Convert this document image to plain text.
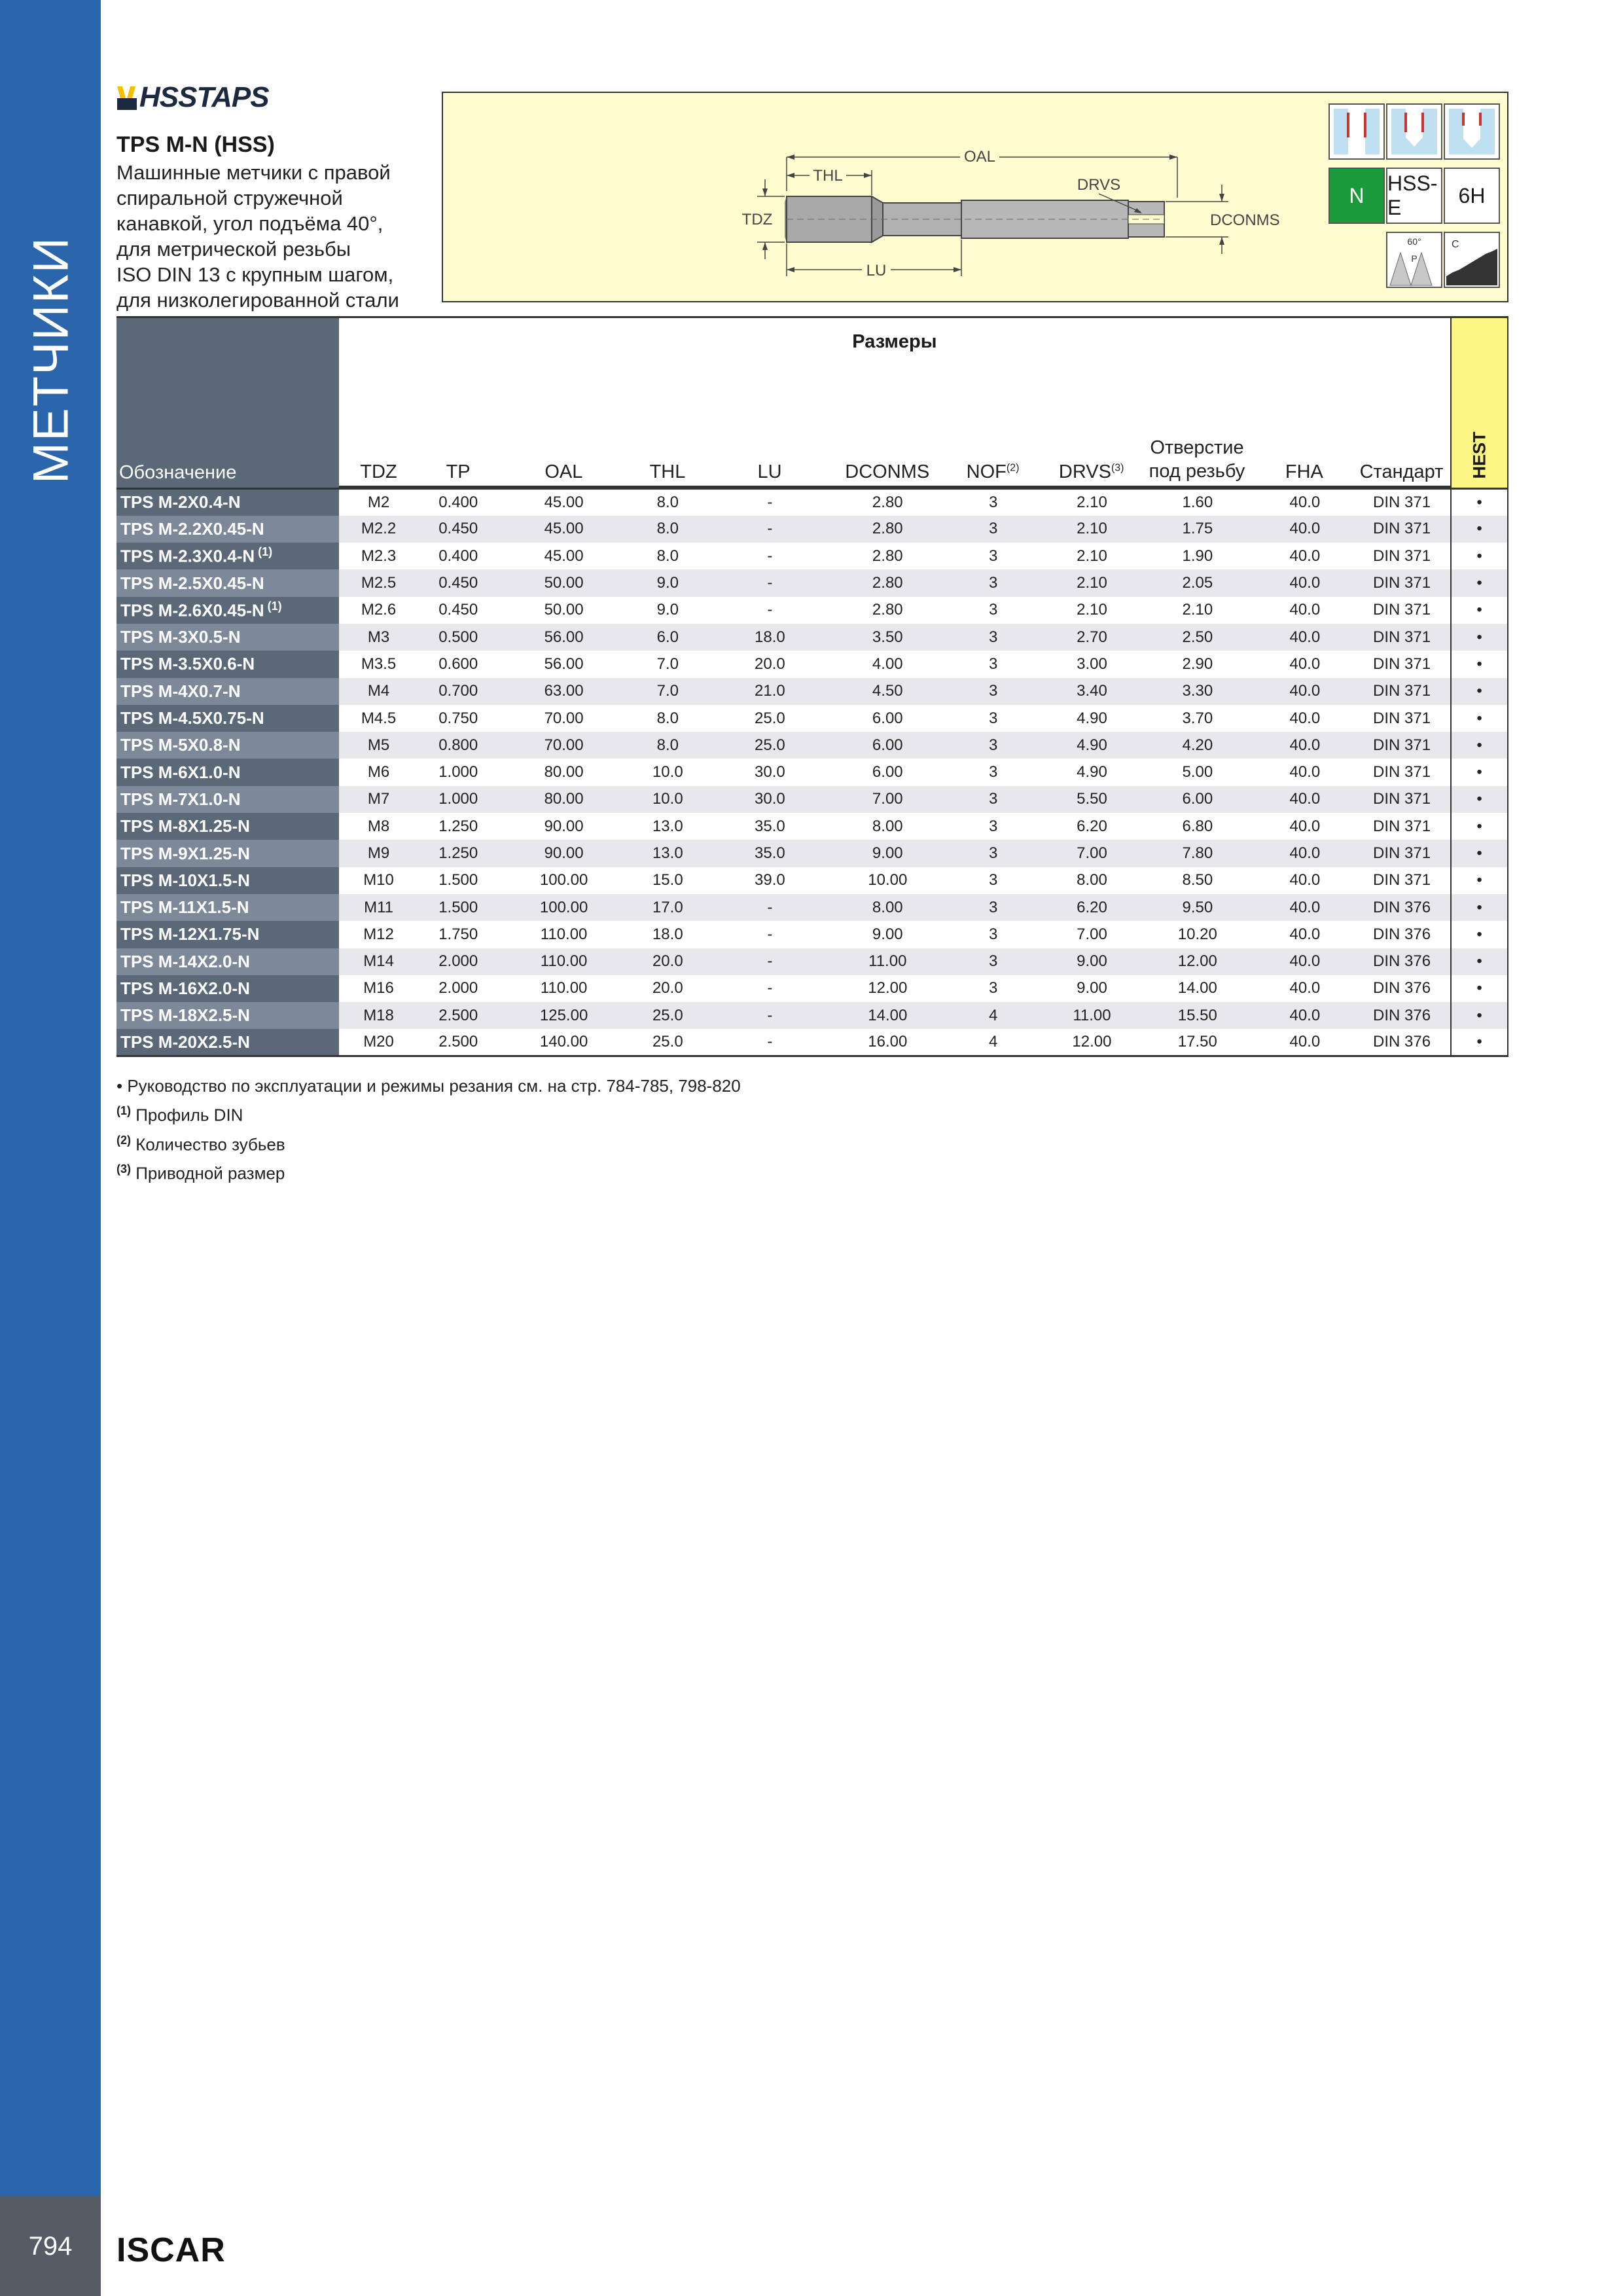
МЕТЧИКИ
794	ISCAR
HSSTAPS
TPS M-N (HSS)
Машинные метчики с правой
спиральной стружечной
канавкой, угол подъёма 40°,
для метрической резьбы
ISO DIN 13 с крупным шагом,
для низколегированной стали
OAL
THL
DRVS
TDZ	DCONMS
LU
N
HSS-E
6H
60°
P
C
Обозначение	
Размеры
TDZ	TP	OAL	THL	LU	DCONMS	NOF$^{(2)}$	DRVS$^{(3)}$	
Отверстие
под резьбу	FHA	Стандарт
	HEST
TPS M-2X0.4-N	M2	0.400	45.00	8.0	-	2.80	3	2.10	1.60	40.0	DIN 371	•
TPS M-2.2X0.45-N	M2.2	0.450	45.00	8.0	-	2.80	3	2.10	1.75	40.0	DIN 371	•
TPS M-2.3X0.4-N $^{(1)}$	M2.3	0.400	45.00	8.0	-	2.80	3	2.10	1.90	40.0	DIN 371	•
TPS M-2.5X0.45-N	M2.5	0.450	50.00	9.0	-	2.80	3	2.10	2.05	40.0	DIN 371	•
TPS M-2.6X0.45-N $^{(1)}$	M2.6	0.450	50.00	9.0	-	2.80	3	2.10	2.10	40.0	DIN 371	•
TPS M-3X0.5-N	M3	0.500	56.00	6.0	18.0	3.50	3	2.70	2.50	40.0	DIN 371	•
TPS M-3.5X0.6-N	M3.5	0.600	56.00	7.0	20.0	4.00	3	3.00	2.90	40.0	DIN 371	•
TPS M-4X0.7-N	M4	0.700	63.00	7.0	21.0	4.50	3	3.40	3.30	40.0	DIN 371	•
TPS M-4.5X0.75-N	M4.5	0.750	70.00	8.0	25.0	6.00	3	4.90	3.70	40.0	DIN 371	•
TPS M-5X0.8-N	M5	0.800	70.00	8.0	25.0	6.00	3	4.90	4.20	40.0	DIN 371	•
TPS M-6X1.0-N	M6	1.000	80.00	10.0	30.0	6.00	3	4.90	5.00	40.0	DIN 371	•
TPS M-7X1.0-N	M7	1.000	80.00	10.0	30.0	7.00	3	5.50	6.00	40.0	DIN 371	•
TPS M-8X1.25-N	M8	1.250	90.00	13.0	35.0	8.00	3	6.20	6.80	40.0	DIN 371	•
TPS M-9X1.25-N	M9	1.250	90.00	13.0	35.0	9.00	3	7.00	7.80	40.0	DIN 371	•
TPS M-10X1.5-N	M10	1.500	100.00	15.0	39.0	10.00	3	8.00	8.50	40.0	DIN 371	•
TPS M-11X1.5-N	M11	1.500	100.00	17.0	-	8.00	3	6.20	9.50	40.0	DIN 376	•
TPS M-12X1.75-N	M12	1.750	110.00	18.0	-	9.00	3	7.00	10.20	40.0	DIN 376	•
TPS M-14X2.0-N	M14	2.000	110.00	20.0	-	11.00	3	9.00	12.00	40.0	DIN 376	•
TPS M-16X2.0-N	M16	2.000	110.00	20.0	-	12.00	3	9.00	14.00	40.0	DIN 376	•
TPS M-18X2.5-N	M18	2.500	125.00	25.0	-	14.00	4	11.00	15.50	40.0	DIN 376	•
TPS M-20X2.5-N	M20	2.500	140.00	25.0	-	16.00	4	12.00	17.50	40.0	DIN 376	•
• Руководство по эксплуатации и режимы резания см. на стр. 784-785, 798-820
$^{(1)}$ Профиль DIN
$^{(2)}$ Количество зубьев
$^{(3)}$ Приводной размер
